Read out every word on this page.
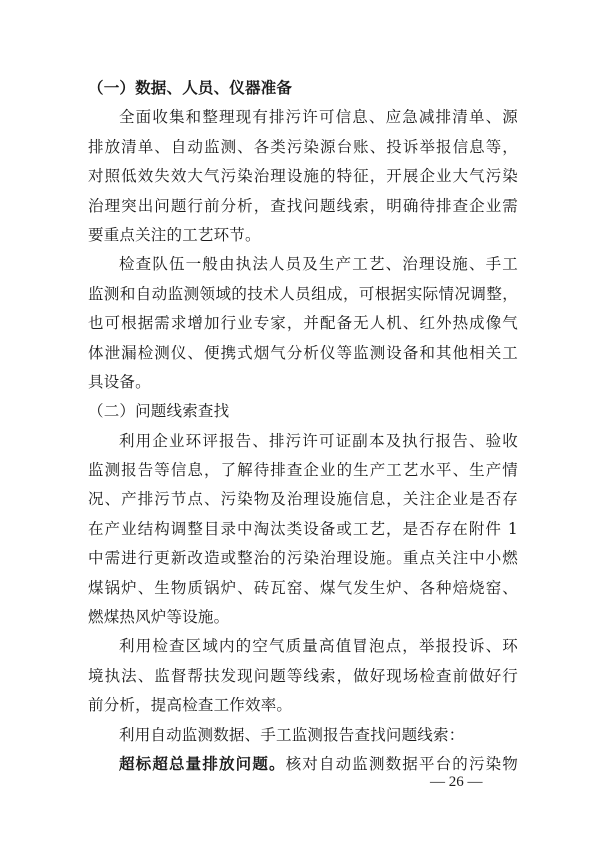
（一）数据、人员、仪器准备
全面收集和整理现有排污许可信息、应急减排清单、源
排放清单、自动监测、各类污染源台账、投诉举报信息等，
对照低效失效大气污染治理设施的特征，开展企业大气污染
治理突出问题行前分析，查找问题线索，明确待排查企业需
要重点关注的工艺环节。
检查队伍一般由执法人员及生产工艺、治理设施、手工
监测和自动监测领域的技术人员组成，可根据实际情况调整，
也可根据需求增加行业专家，并配备无人机、红外热成像气
体泄漏检测仪、便携式烟气分析仪等监测设备和其他相关工
具设备。
（二）问题线索查找
利用企业环评报告、排污许可证副本及执行报告、验收
监测报告等信息，了解待排查企业的生产工艺水平、生产情
况、产排污节点、污染物及治理设施信息，关注企业是否存
在产业结构调整目录中淘汰类设备或工艺，是否存在附件 1
中需进行更新改造或整治的污染治理设施。重点关注中小燃
煤锅炉、生物质锅炉、砖瓦窑、煤气发生炉、各种焙烧窑、
燃煤热风炉等设施。
利用检查区域内的空气质量高值冒泡点，举报投诉、环
境执法、监督帮扶发现问题等线索，做好现场检查前做好行
前分析，提高检查工作效率。
利用自动监测数据、手工监测报告查找问题线索：
超标超总量排放问题。核对自动监测数据平台的污染物
— 26 —
